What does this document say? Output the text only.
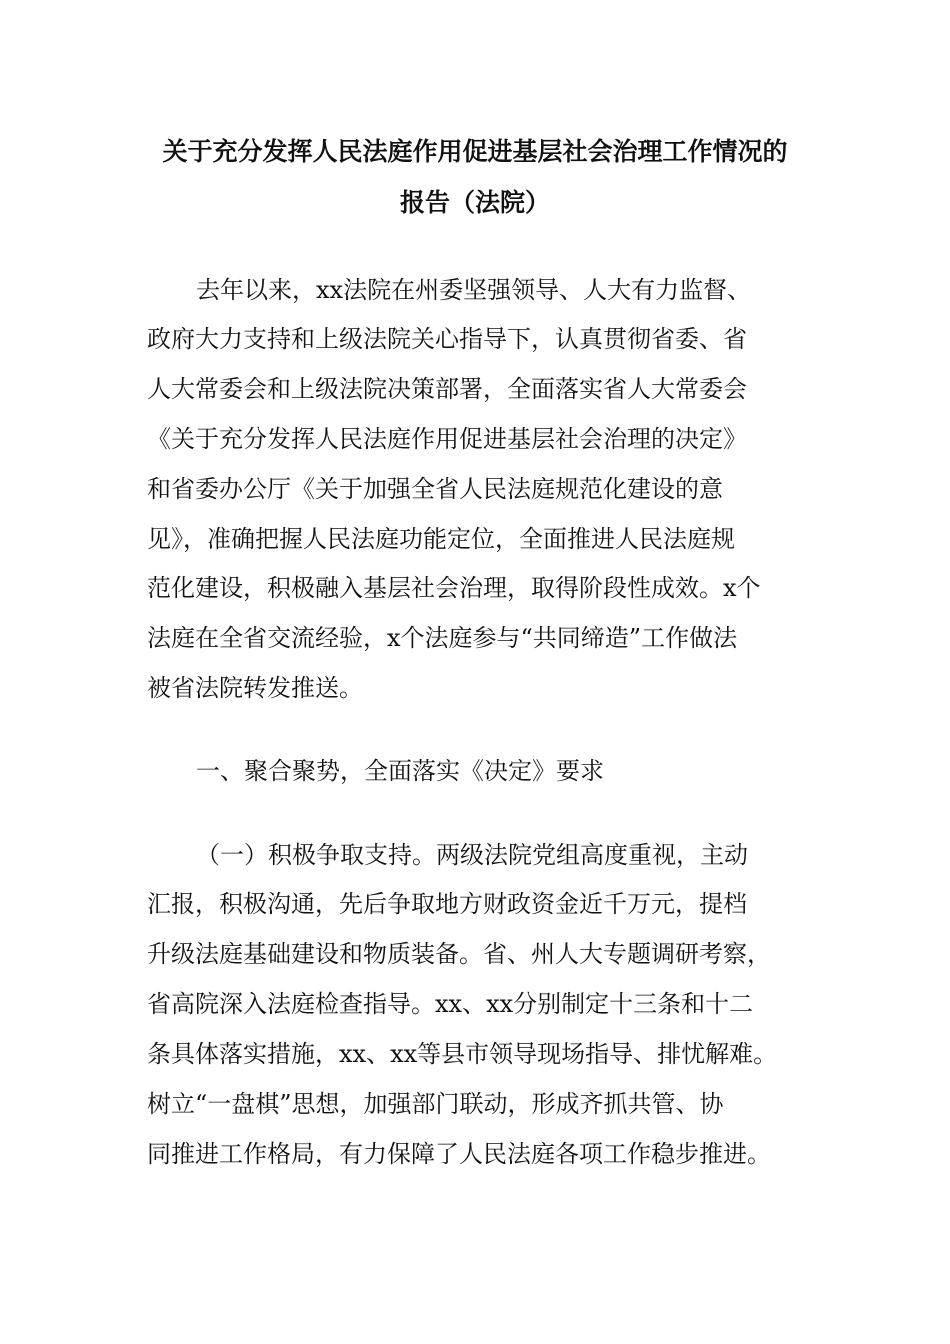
关于充分发挥人民法庭作用促进基层社会治理工作情况的
报告（法院）

去年以来，xx法院在州委坚强领导、人大有力监督、

政府大力支持和上级法院关心指导下，认真贯彻省委、省

人大常委会和上级法院决策部署，全面落实省人大常委会

《关于充分发挥人民法庭作用促进基层社会治理的决定》

和省委办公厅《关于加强全省人民法庭规范化建设的意

见》，准确把握人民法庭功能定位，全面推进人民法庭规

范化建设，积极融入基层社会治理，取得阶段性成效。x个

法庭在全省交流经验，x个法庭参与“共同缔造”工作做法

被省法院转发推送。

一、聚合聚势，全面落实《决定》要求

（一）积极争取支持。两级法院党组高度重视，主动

汇报，积极沟通，先后争取地方财政资金近千万元，提档

升级法庭基础建设和物质装备。省、州人大专题调研考察，

省高院深入法庭检查指导。xx、xx分别制定十三条和十二

条具体落实措施，xx、xx等县市领导现场指导、排忧解难。

树立“一盘棋”思想，加强部门联动，形成齐抓共管、协

同推进工作格局，有力保障了人民法庭各项工作稳步推进。
